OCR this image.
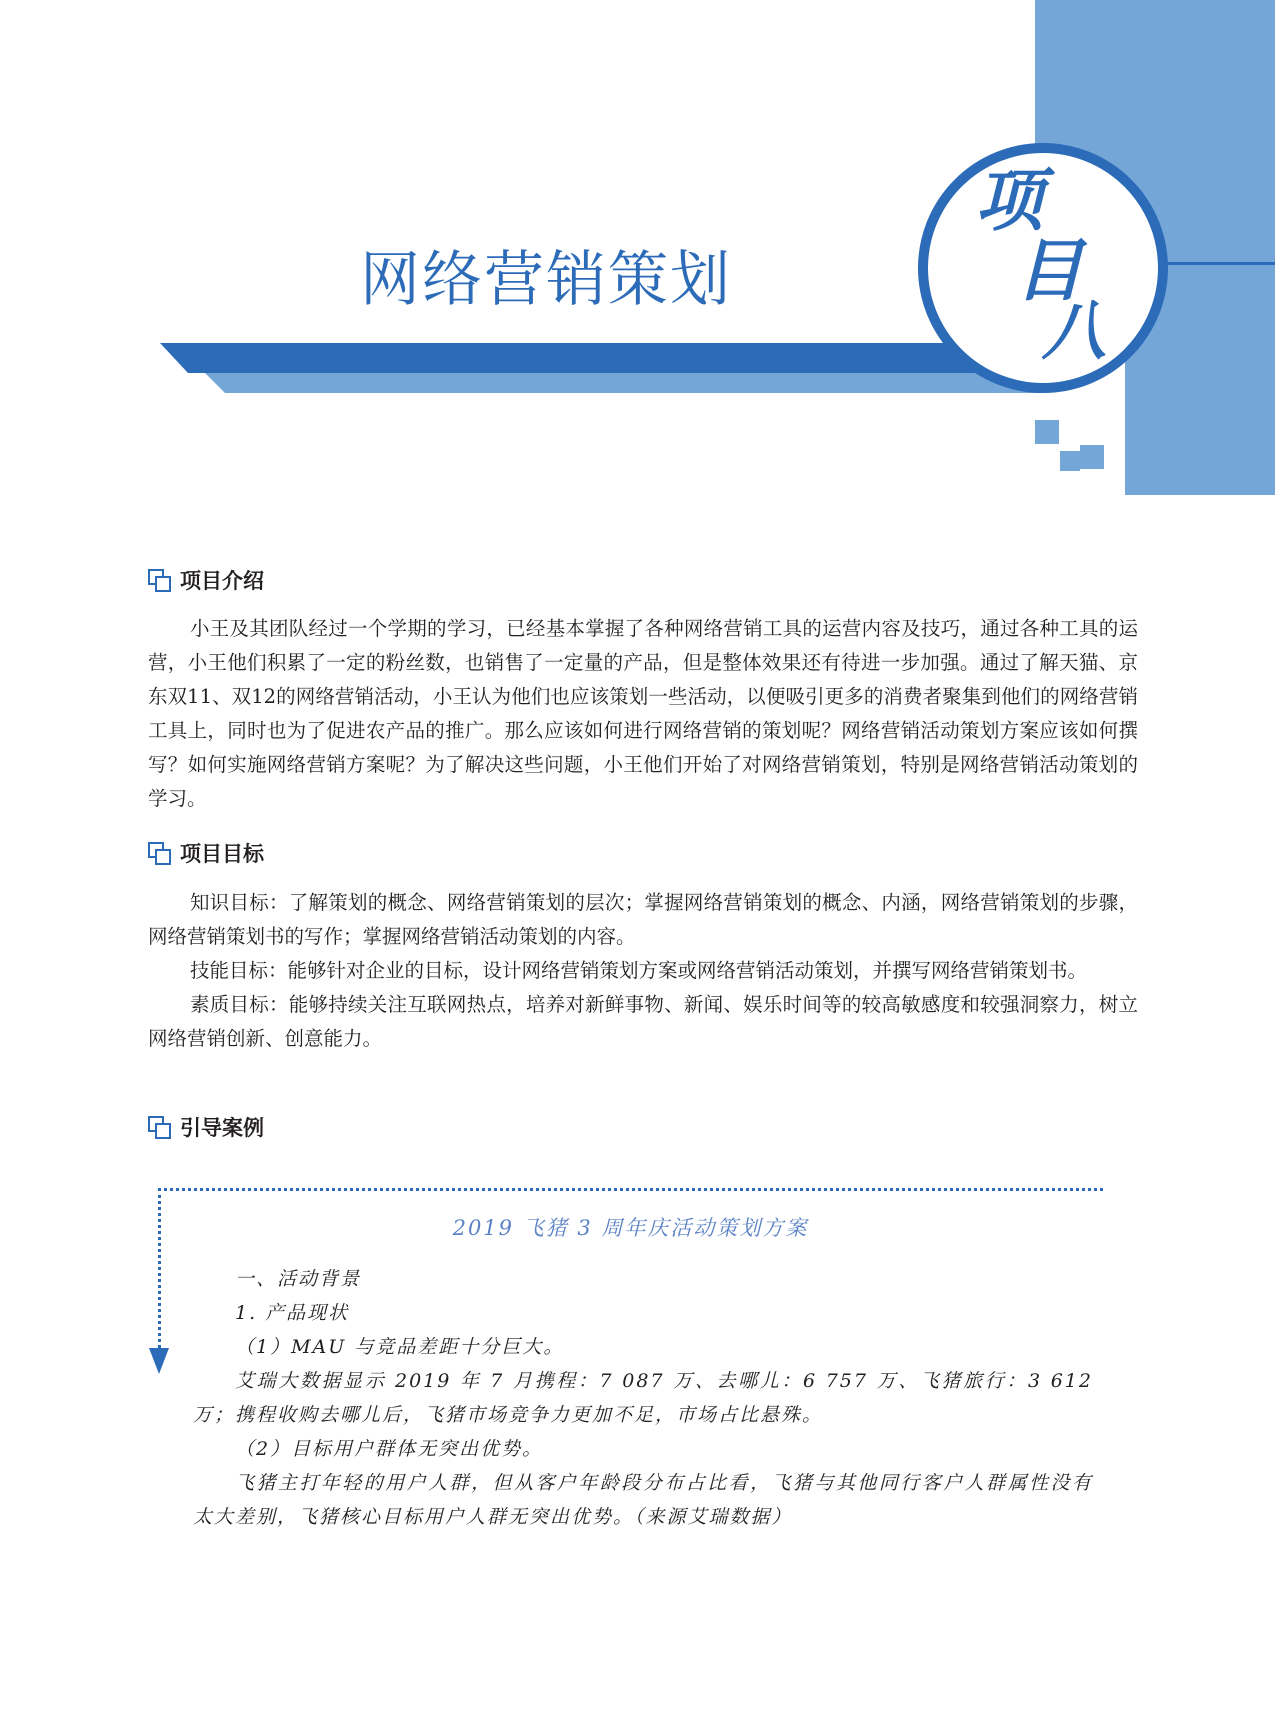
网络营销策划
项
目
八
项目介绍

小王及其团队经过一个学期的学习，已经基本掌握了各种网络营销工具的运营内容及技巧，通过各种工具的运营，小王他们积累了一定的粉丝数，也销售了一定量的产品，但是整体效果还有待进一步加强。通过了解天猫、京东双11、双12的网络营销活动，小王认为他们也应该策划一些活动，以便吸引更多的消费者聚集到他们的网络营销工具上，同时也为了促进农产品的推广。那么应该如何进行网络营销的策划呢？网络营销活动策划方案应该如何撰写？如何实施网络营销方案呢？为了解决这些问题，小王他们开始了对网络营销策划，特别是网络营销活动策划的学习。

项目目标

知识目标：了解策划的概念、网络营销策划的层次；掌握网络营销策划的概念、内涵，网络营销策划的步骤，网络营销策划书的写作；掌握网络营销活动策划的内容。

技能目标：能够针对企业的目标，设计网络营销策划方案或网络营销活动策划，并撰写网络营销策划书。

素质目标：能够持续关注互联网热点，培养对新鲜事物、新闻、娱乐时间等的较高敏感度和较强洞察力，树立网络营销创新、创意能力。

引导案例
2019 飞猪 3 周年庆活动策划方案

一、活动背景

1. 产品现状

（1）MAU 与竞品差距十分巨大。

艾瑞大数据显示 2019 年 7 月携程：7 087 万、去哪儿：6 757 万、飞猪旅行：3 612 万；携程收购去哪儿后，飞猪市场竞争力更加不足，市场占比悬殊。

（2）目标用户群体无突出优势。

飞猪主打年轻的用户人群，但从客户年龄段分布占比看，飞猪与其他同行客户人群属性没有太大差别，飞猪核心目标用户人群无突出优势。（来源艾瑞数据）
